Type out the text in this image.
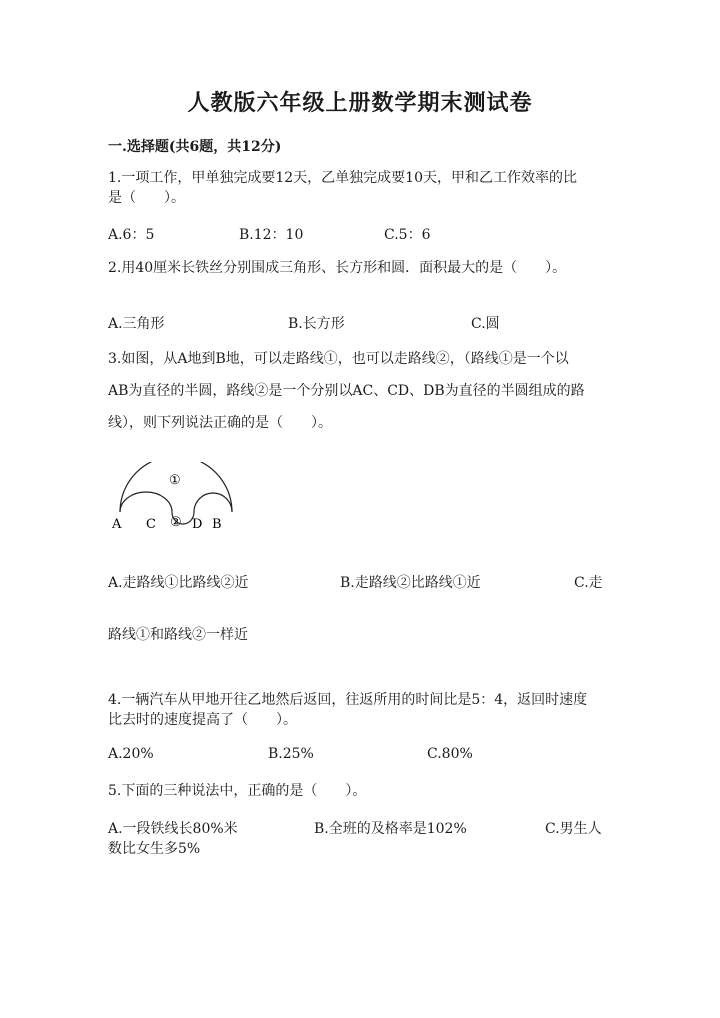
人教版六年级上册数学期末测试卷
一.选择题(共6题，共12分)
1.一项工作，甲单独完成要12天，乙单独完成要10天，甲和乙工作效率的比
是（　　）。
A.6：5	B.12：10	C.5：6
2.用40厘米长铁丝分别围成三角形、长方形和圆．面积最大的是（　　）。
A.三角形	B.长方形	C.圆
3.如图，从A地到B地，可以走路线①，也可以走路线②，（路线①是一个以
AB为直径的半圆，路线②是一个分别以AC、CD、DB为直径的半圆组成的路
线），则下列说法正确的是（　　）。
①
②
A C	D B
A.走路线①比路线②近	B.走路线②比路线①近	C.走
路线①和路线②一样近
4.一辆汽车从甲地开往乙地然后返回，往返所用的时间比是5：4，返回时速度
比去时的速度提高了（　　）。
A.20%	B.25%	C.80%
5.下面的三种说法中，正确的是（　　）。
A.一段铁线长80%米	B.全班的及格率是102%	C.男生人
数比女生多5%
